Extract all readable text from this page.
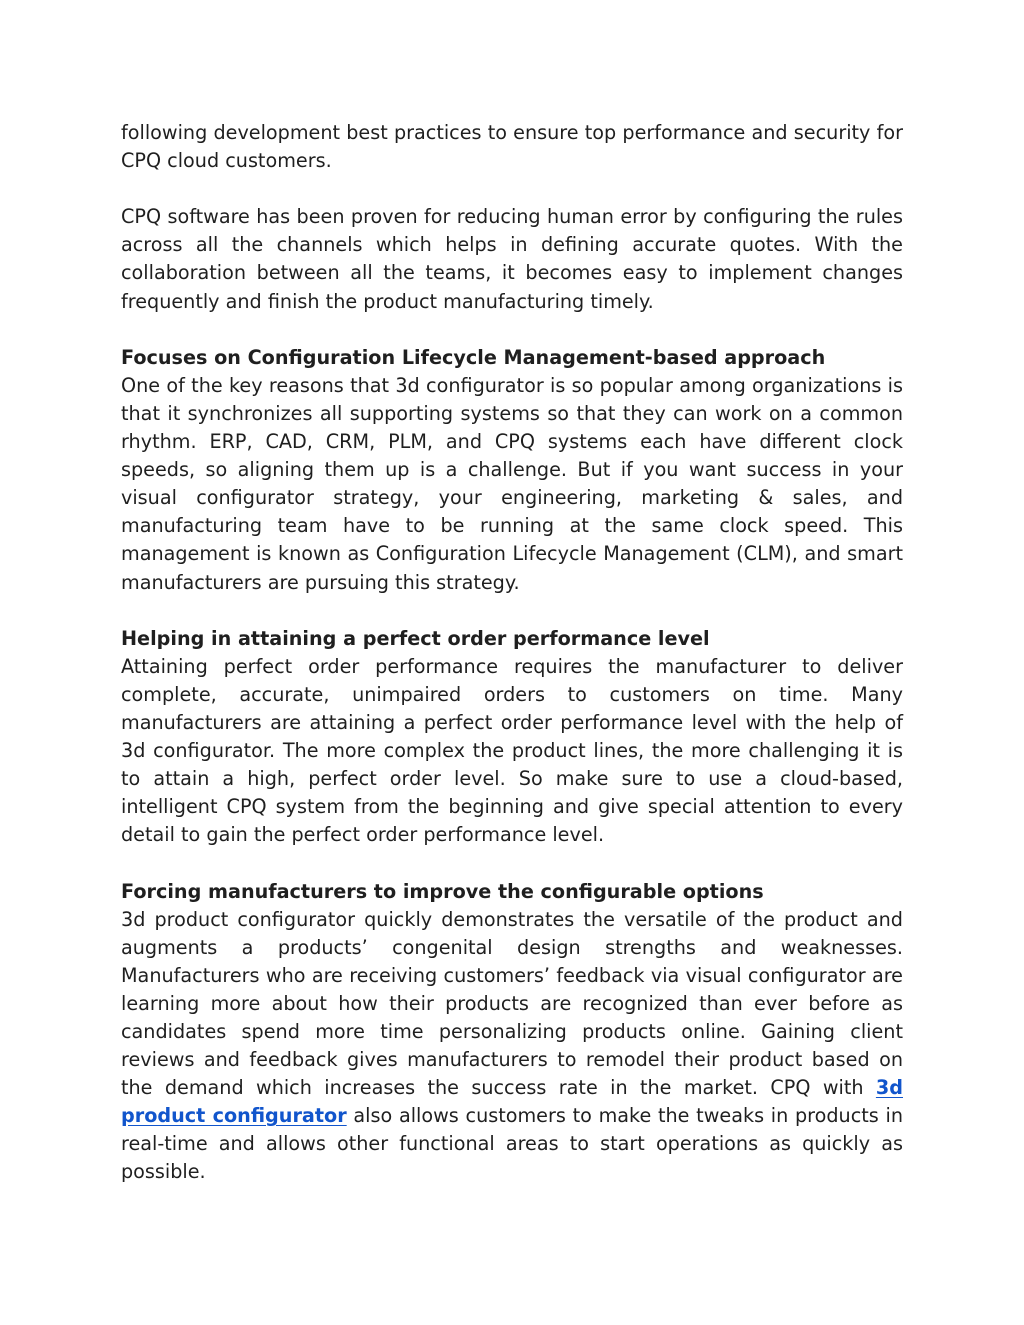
following development best practices to ensure top performance and security for CPQ cloud customers.

CPQ software has been proven for reducing human error by configuring the rules across all the channels which helps in defining accurate quotes. With the collaboration between all the teams, it becomes easy to implement changes frequently and finish the product manufacturing timely.

Focuses on Configuration Lifecycle Management-based approach

One of the key reasons that 3d configurator is so popular among organizations is that it synchronizes all supporting systems so that they can work on a common rhythm. ERP, CAD, CRM, PLM, and CPQ systems each have different clock speeds, so aligning them up is a challenge. But if you want success in your visual configurator strategy, your engineering, marketing & sales, and manufacturing team have to be running at the same clock speed. This management is known as Configuration Lifecycle Management (CLM), and smart manufacturers are pursuing this strategy.

Helping in attaining a perfect order performance level

Attaining perfect order performance requires the manufacturer to deliver complete, accurate, unimpaired orders to customers on time. Many manufacturers are attaining a perfect order performance level with the help of 3d configurator. The more complex the product lines, the more challenging it is to attain a high, perfect order level. So make sure to use a cloud-based, intelligent CPQ system from the beginning and give special attention to every detail to gain the perfect order performance level.

Forcing manufacturers to improve the configurable options

3d product configurator quickly demonstrates the versatile of the product and augments a products’ congenital design strengths and weaknesses. Manufacturers who are receiving customers’ feedback via visual configurator are learning more about how their products are recognized than ever before as candidates spend more time personalizing products online. Gaining client reviews and feedback gives manufacturers to remodel their product based on the demand which increases the success rate in the market. CPQ with 3d product configurator also allows customers to make the tweaks in products in real-time and allows other functional areas to start operations as quickly as possible.
